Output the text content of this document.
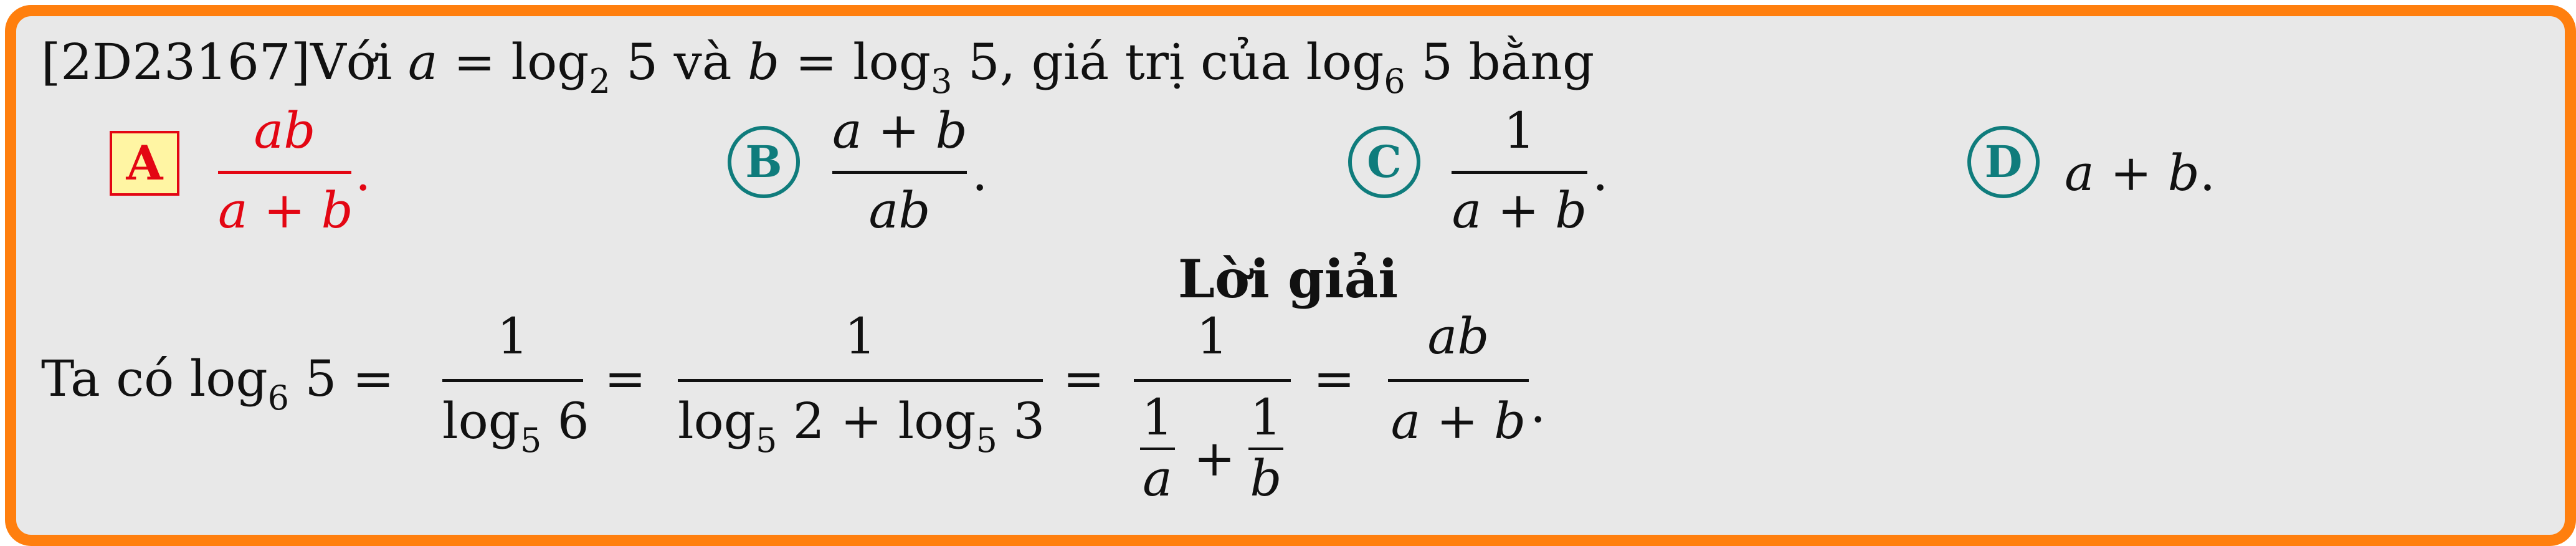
[2D23167]Với $a = \log_2 5$ và $b = \log_3 5$, giá trị của $\log_6 5$ bằng
A
ab
a + b
.	B
a + b
ab
.	C
1
a + b
.	D a + b.
Lời giải
Ta có $\log_6 5$ =
1
$\log_5 6$
=
1
$\log_5 2 + \log_5 3$
=
1
1
a +
1
b
=
ab
a + b .
